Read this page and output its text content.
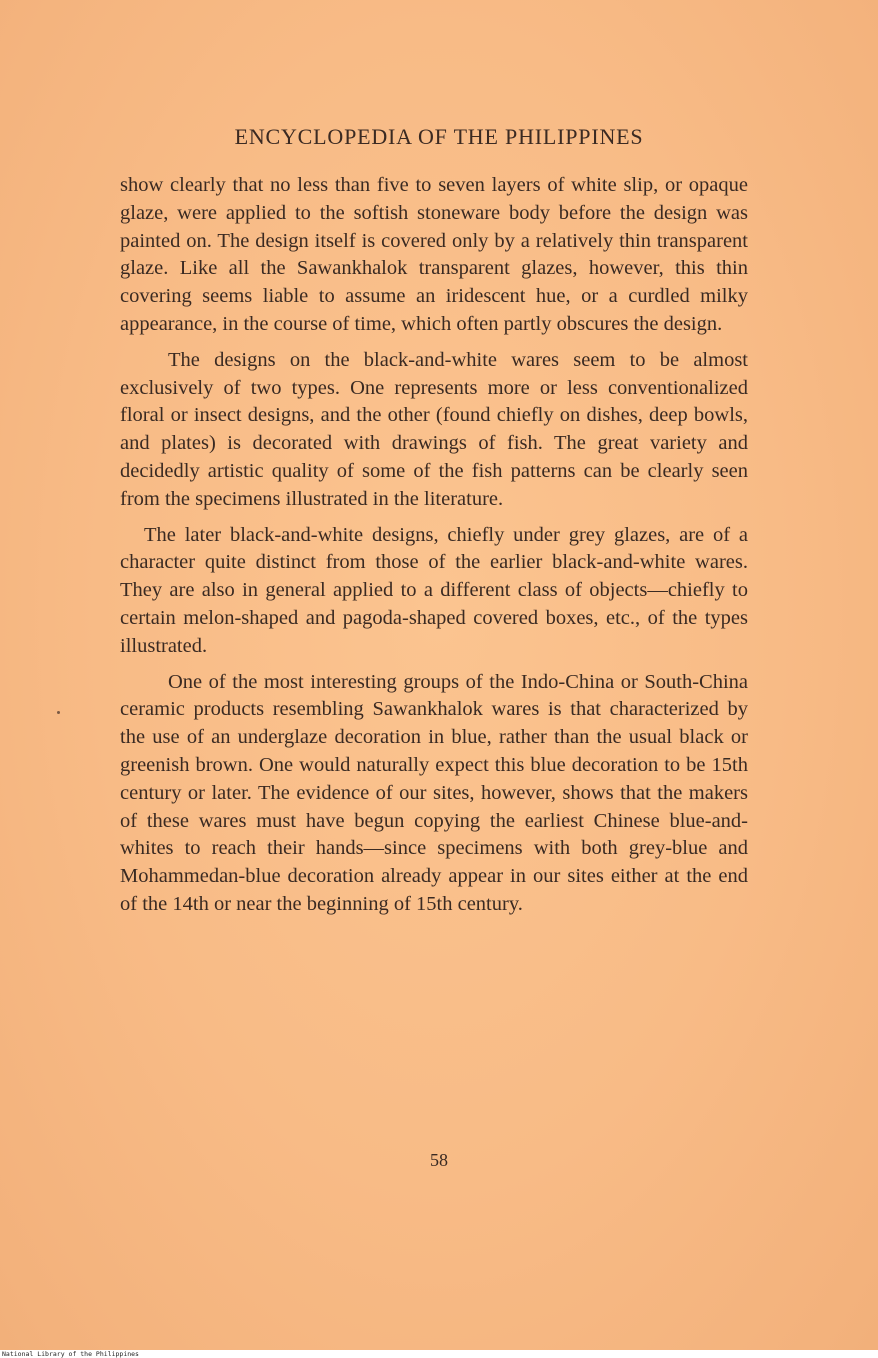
ENCYCLOPEDIA OF THE PHILIPPINES

show clearly that no less than five to seven layers of white slip, or opaque glaze, were applied to the softish stoneware body before the design was painted on. The design itself is covered only by a relatively thin transparent glaze. Like all the Sawankhalok transparent glazes, however, this thin covering seems liable to assume an iridescent hue, or a curdled milky appearance, in the course of time, which often partly obscures the design.

The designs on the black-and-white wares seem to be almost exclusively of two types. One represents more or less conventionalized floral or insect designs, and the other (found chiefly on dishes, deep bowls, and plates) is decorated with drawings of fish. The great variety and decidedly artistic quality of some of the fish patterns can be clearly seen from the specimens illustrated in the literature.

The later black-and-white designs, chiefly under grey glazes, are of a character quite distinct from those of the earlier black-and-white wares. They are also in general applied to a different class of objects—chiefly to certain melon-shaped and pagoda-shaped covered boxes, etc., of the types illustrated.

One of the most interesting groups of the Indo-China or South-China ceramic products resembling Sawankhalok wares is that characterized by the use of an underglaze decoration in blue, rather than the usual black or greenish brown. One would naturally expect this blue decoration to be 15th century or later. The evidence of our sites, however, shows that the makers of these wares must have begun copying the earliest Chinese blue-and-whites to reach their hands—since specimens with both grey-blue and Mohammedan-blue decoration already appear in our sites either at the end of the 14th or near the beginning of 15th century.

58
National Library of the Philippines
